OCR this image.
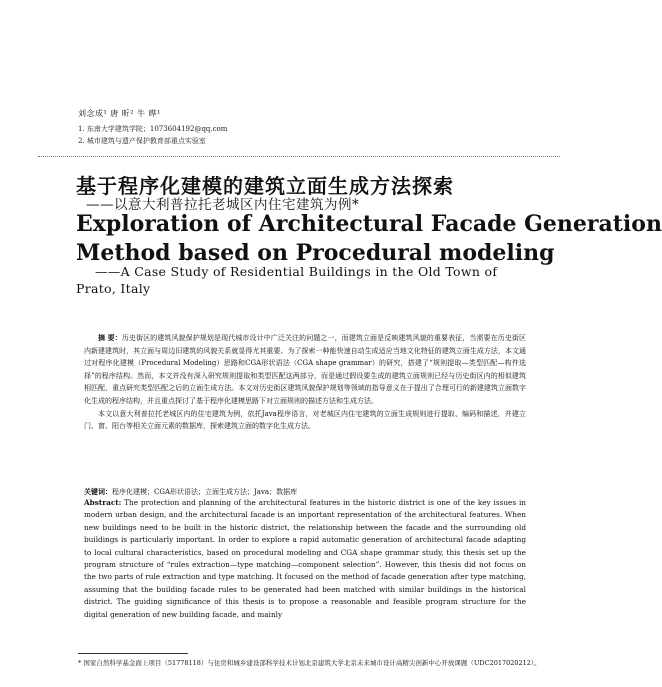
刘念成¹ 唐 昕² 牛 晔¹
1. 东南大学建筑学院；1073604192@qq.com
2. 城市建筑与遗产保护教育部重点实验室
基于程序化建模的建筑立面生成方法探索
——以意大利普拉托老城区内住宅建筑为例*
Exploration of Architectural Facade Generation
Method based on Procedural modeling
——A Case Study of Residential Buildings in the Old Town of
Prato, Italy
摘 要：历史街区的建筑风貌保护规划是现代城市设计中广泛关注的问题之一，而建筑立面是反映建筑风貌的重要表征，当需要在历史街区内新建建筑时，其立面与周边旧建筑的风貌关系就显得尤其重要。为了探索一种能快速自动生成适应当地文化特征的建筑立面生成方法，本文通过对程序化建模（Procedural Modeling）思路和CGA形状语法（CGA shape grammar）的研究，搭建了“规则提取—类型匹配—构件选择”的程序结构。然而，本文并没有深入研究规则提取和类型匹配这两部分，而是通过假设要生成的建筑立面规则已经与历史街区内的相似建筑相匹配，重点研究类型匹配之后的立面生成方法。本文对历史街区建筑风貌保护规划等领域的指导意义在于提出了合理可行的新建建筑立面数字化生成的程序结构，并且重点探讨了基于程序化建模思路下对立面规则的描述方法和生成方法。
本文以意大利普拉托老城区内的住宅建筑为例，依托Java程序语言，对老城区内住宅建筑的立面生成规则进行提取、编码和描述，并建立门、窗、阳台等相关立面元素的数据库，探索建筑立面的数字化生成方法。
关键词：程序化建模；CGA形状语法；立面生成方法；Java；数据库
Abstract: The protection and planning of the architectural features in the historic district is one of the key issues in modern urban design, and the architectural facade is an important representation of the architectural features. When new buildings need to be built in the historic district, the relationship between the facade and the surrounding old buildings is particularly important. In order to explore a rapid automatic generation of architectural facade adapting to local cultural characteristics, based on procedural modeling and CGA shape grammar study, this thesis set up the program structure of “rules extraction—type matching—component selection”. However, this thesis did not focus on the two parts of rule extraction and type matching. It focused on the method of facade generation after type matching, assuming that the building facade rules to be generated had been matched with similar buildings in the historical district. The guiding significance of this thesis is to propose a reasonable and feasible program structure for the digital generation of new building facade, and mainly
* 国家自然科学基金面上项目（51778118）与住房和城乡建设部科学技术计划北京建筑大学北京未来城市设计高精尖创新中心开放课题（UDC2017020212）。
